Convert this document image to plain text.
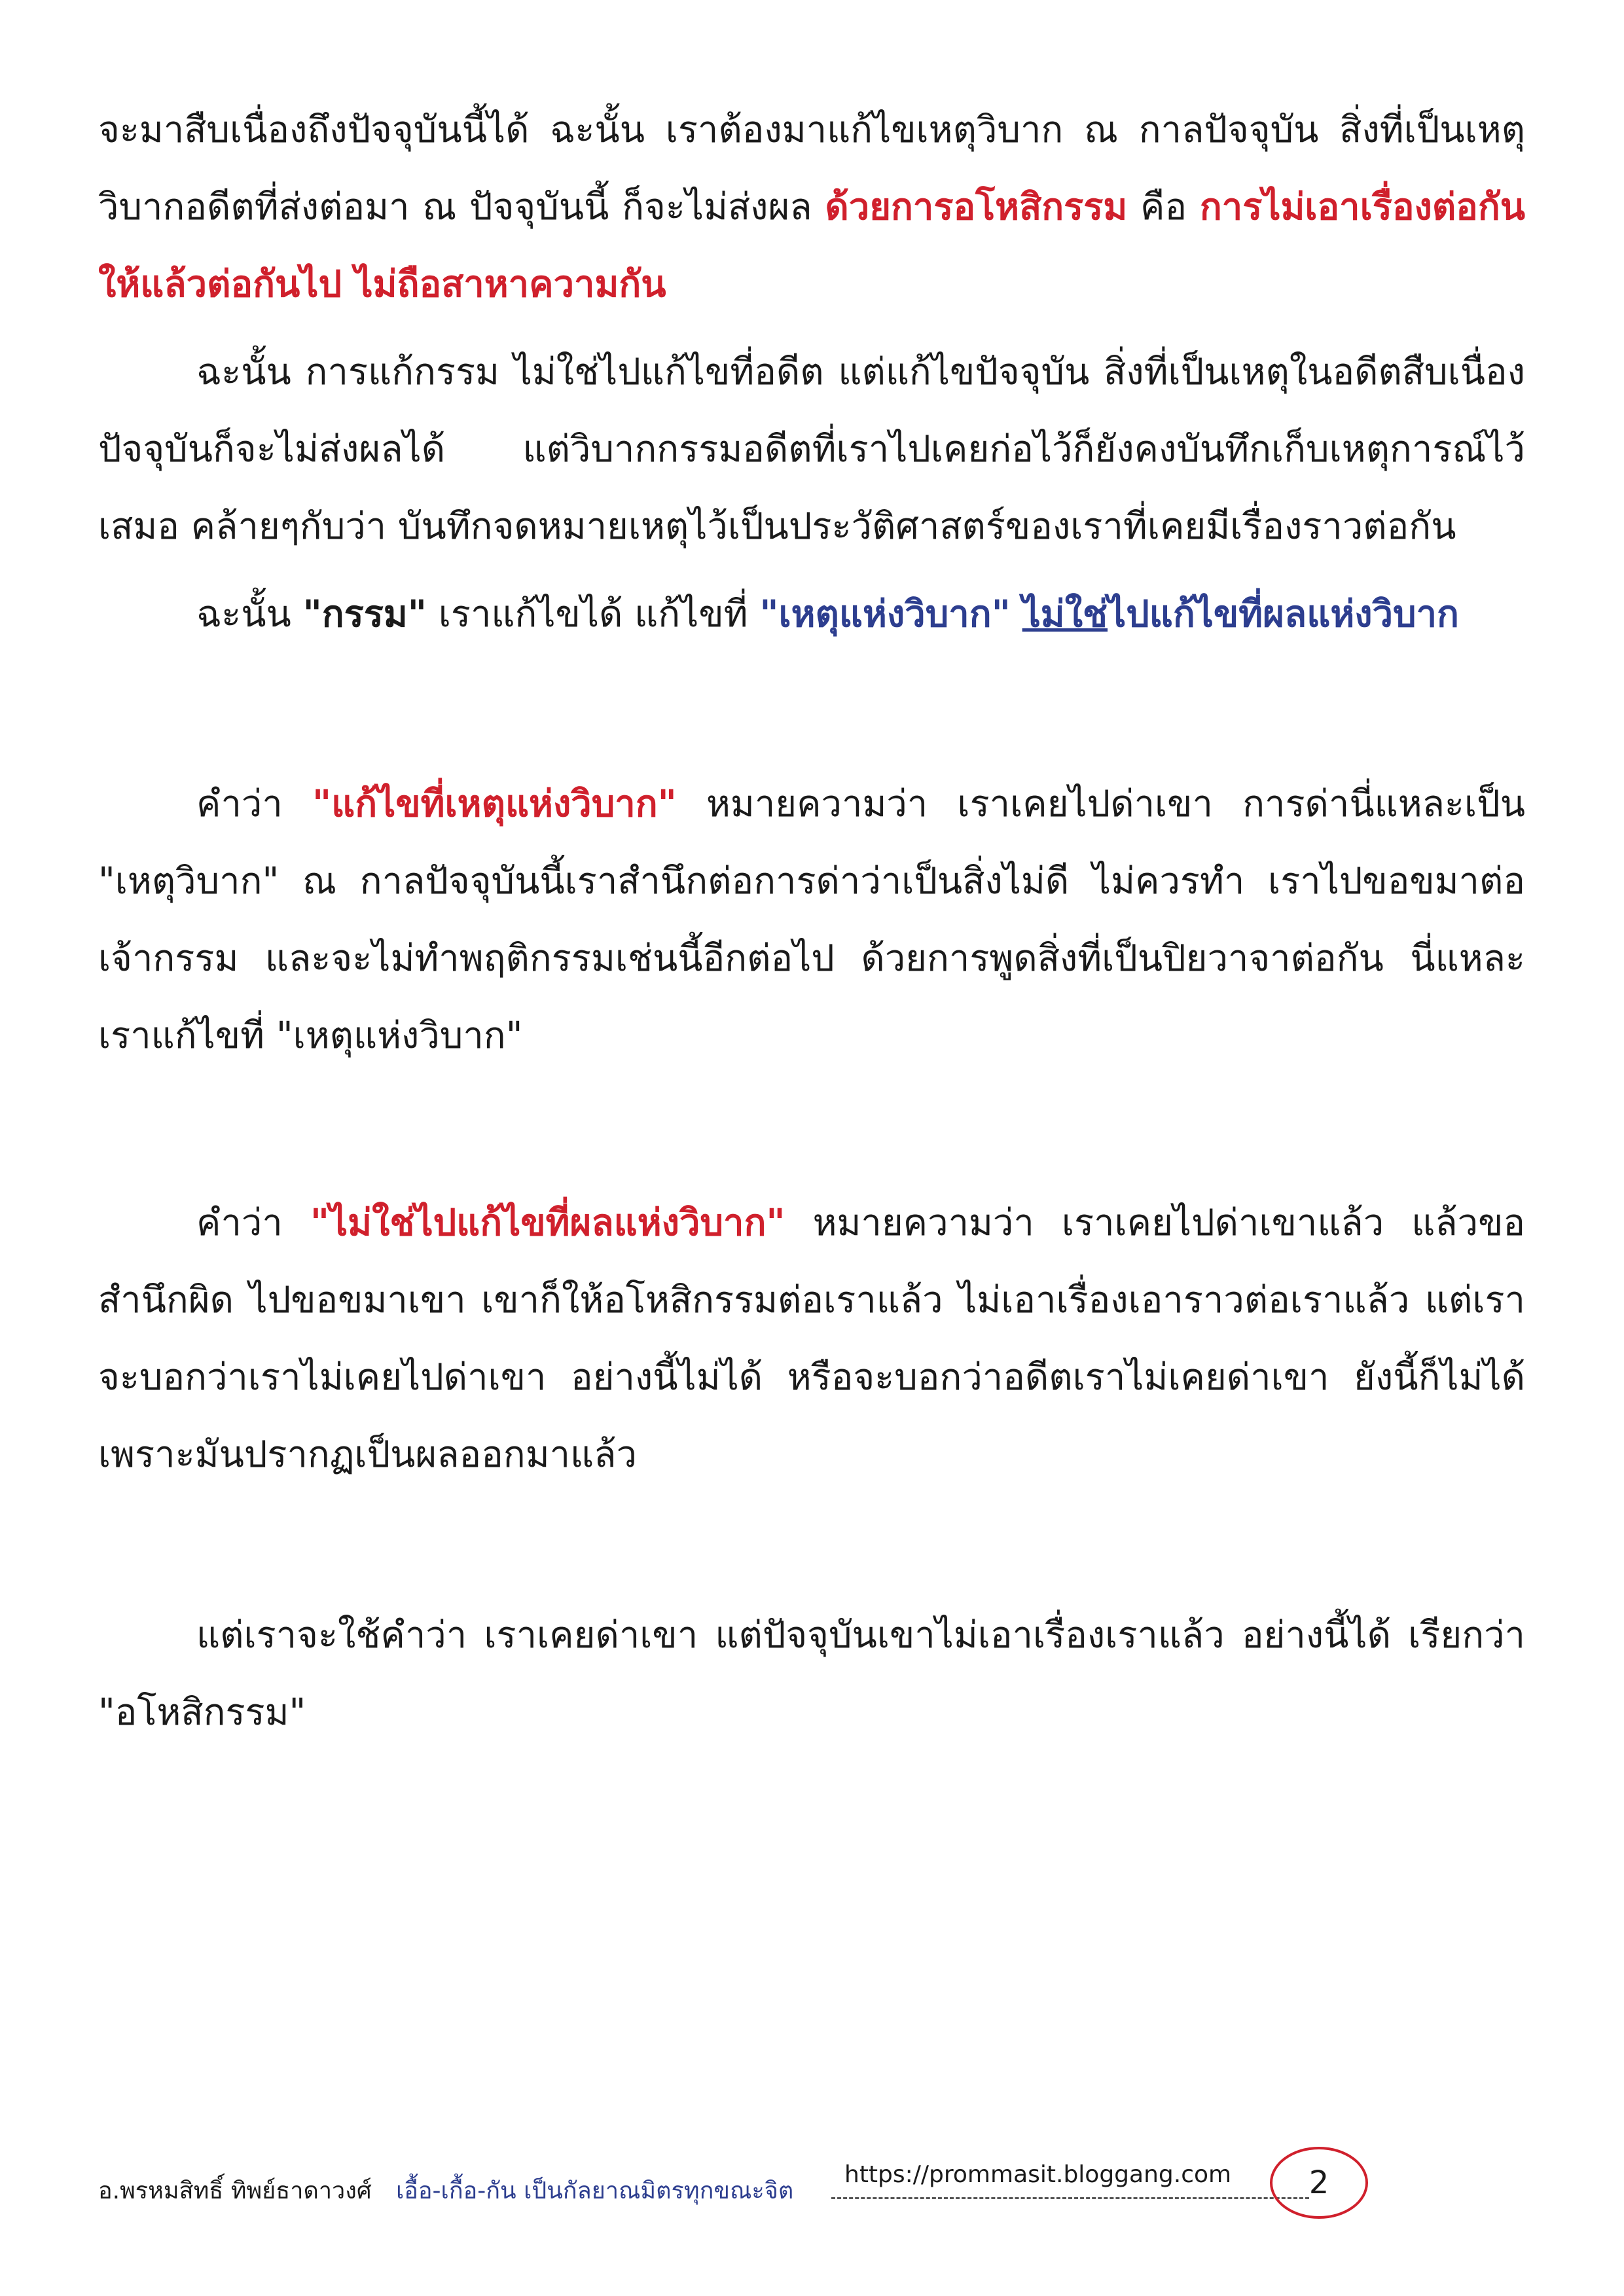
จะมาสืบเนื่องถึงปัจจุบันนี้ได้ ฉะนั้น เราต้องมาแก้ไขเหตุวิบาก ณ กาลปัจจุบัน สิ่งที่เป็นเหตุวิบากอดีตที่ส่งต่อมา ณ ปัจจุบันนี้ ก็จะไม่ส่งผล ด้วยการอโหสิกรรม คือ การไม่เอาเรื่องต่อกัน ให้แล้วต่อกันไป ไม่ถือสาหาความกัน

ฉะนั้น การแก้กรรม ไม่ใช่ไปแก้ไขที่อดีต แต่แก้ไขปัจจุบัน สิ่งที่เป็นเหตุในอดีตสืบเนื่องปัจจุบันก็จะไม่ส่งผลได้ แต่วิบากกรรมอดีตที่เราไปเคยก่อไว้ก็ยังคงบันทึกเก็บเหตุการณ์ไว้เสมอ คล้ายๆกับว่า บันทึกจดหมายเหตุไว้เป็นประวัติศาสตร์ของเราที่เคยมีเรื่องราวต่อกัน

ฉะนั้น "กรรม" เราแก้ไขได้ แก้ไขที่ "เหตุแห่งวิบาก" ไม่ใช่ไปแก้ไขที่ผลแห่งวิบาก

คำว่า "แก้ไขที่เหตุแห่งวิบาก" หมายความว่า เราเคยไปด่าเขา การด่านี่แหละเป็น "เหตุวิบาก" ณ กาลปัจจุบันนี้เราสำนึกต่อการด่าว่าเป็นสิ่งไม่ดี ไม่ควรทำ เราไปขอขมาต่อเจ้ากรรม และจะไม่ทำพฤติกรรมเช่นนี้อีกต่อไป ด้วยการพูดสิ่งที่เป็นปิยวาจาต่อกัน นี่แหละ เราแก้ไขที่ "เหตุแห่งวิบาก"

คำว่า "ไม่ใช่ไปแก้ไขที่ผลแห่งวิบาก" หมายความว่า เราเคยไปด่าเขาแล้ว แล้วขอสำนึกผิด ไปขอขมาเขา เขาก็ให้อโหสิกรรมต่อเราแล้ว ไม่เอาเรื่องเอาราวต่อเราแล้ว แต่เราจะบอกว่าเราไม่เคยไปด่าเขา อย่างนี้ไม่ได้ หรือจะบอกว่าอดีตเราไม่เคยด่าเขา ยังนี้ก็ไม่ได้ เพราะมันปรากฏเป็นผลออกมาแล้ว

แต่เราจะใช้คำว่า เราเคยด่าเขา แต่ปัจจุบันเขาไม่เอาเรื่องเราแล้ว อย่างนี้ได้ เรียกว่า "อโหสิกรรม"

อ.พรหมสิทธิ์ ทิพย์ธาดาวงศ์ เอื้อ-เกื้อ-กัน เป็นกัลยาณมิตรทุกขณะจิต
https://prommasit.bloggang.com	2
